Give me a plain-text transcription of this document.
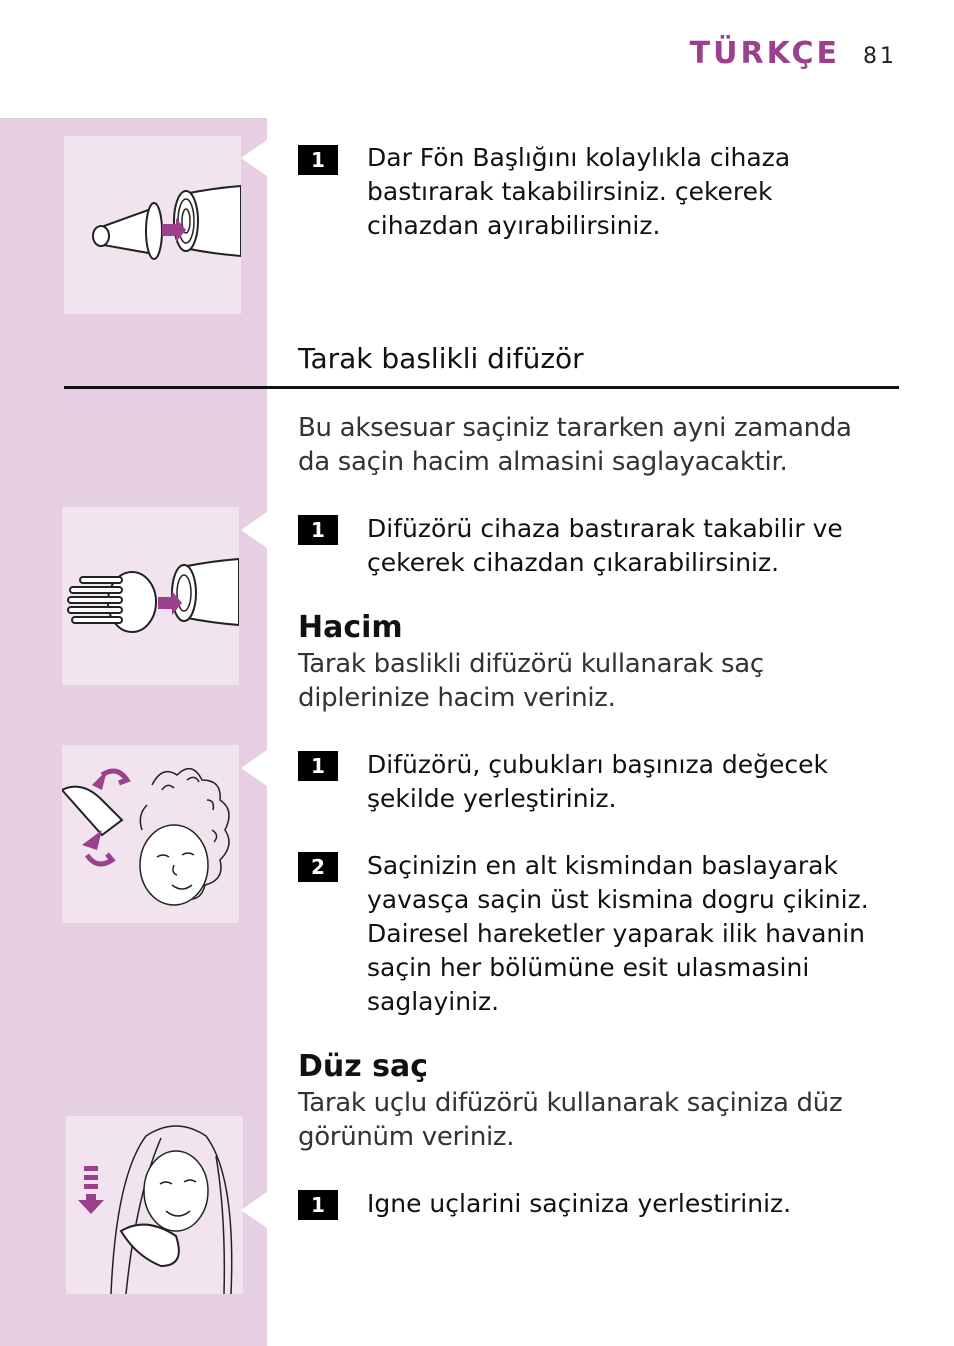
TÜRKÇE 81
1	Dar Fön Başlığını kolaylıkla cihaza bastırarak takabilirsiniz. çekerek cihazdan ayırabilirsiniz.
Tarak baslikli difüzör
Bu aksesuar saçiniz tararken ayni zamanda da saçin hacim almasini saglayacaktir.
1	Difüzörü cihaza bastırarak takabilir ve çekerek cihazdan çıkarabilirsiniz.
Hacim
Tarak baslikli difüzörü kullanarak saç diplerinize hacim veriniz.
1	Difüzörü, çubukları başınıza değecek şekilde yerleştiriniz.
2	Saçinizin en alt kismindan baslayarak yavasça saçin üst kismina dogru çikiniz. Dairesel hareketler yaparak ilik havanin saçin her bölümüne esit ulasmasini saglayiniz.
Düz saç
Tarak uçlu difüzörü kullanarak saçiniza düz görünüm veriniz.
1	Igne uçlarini saçiniza yerlestiriniz.
